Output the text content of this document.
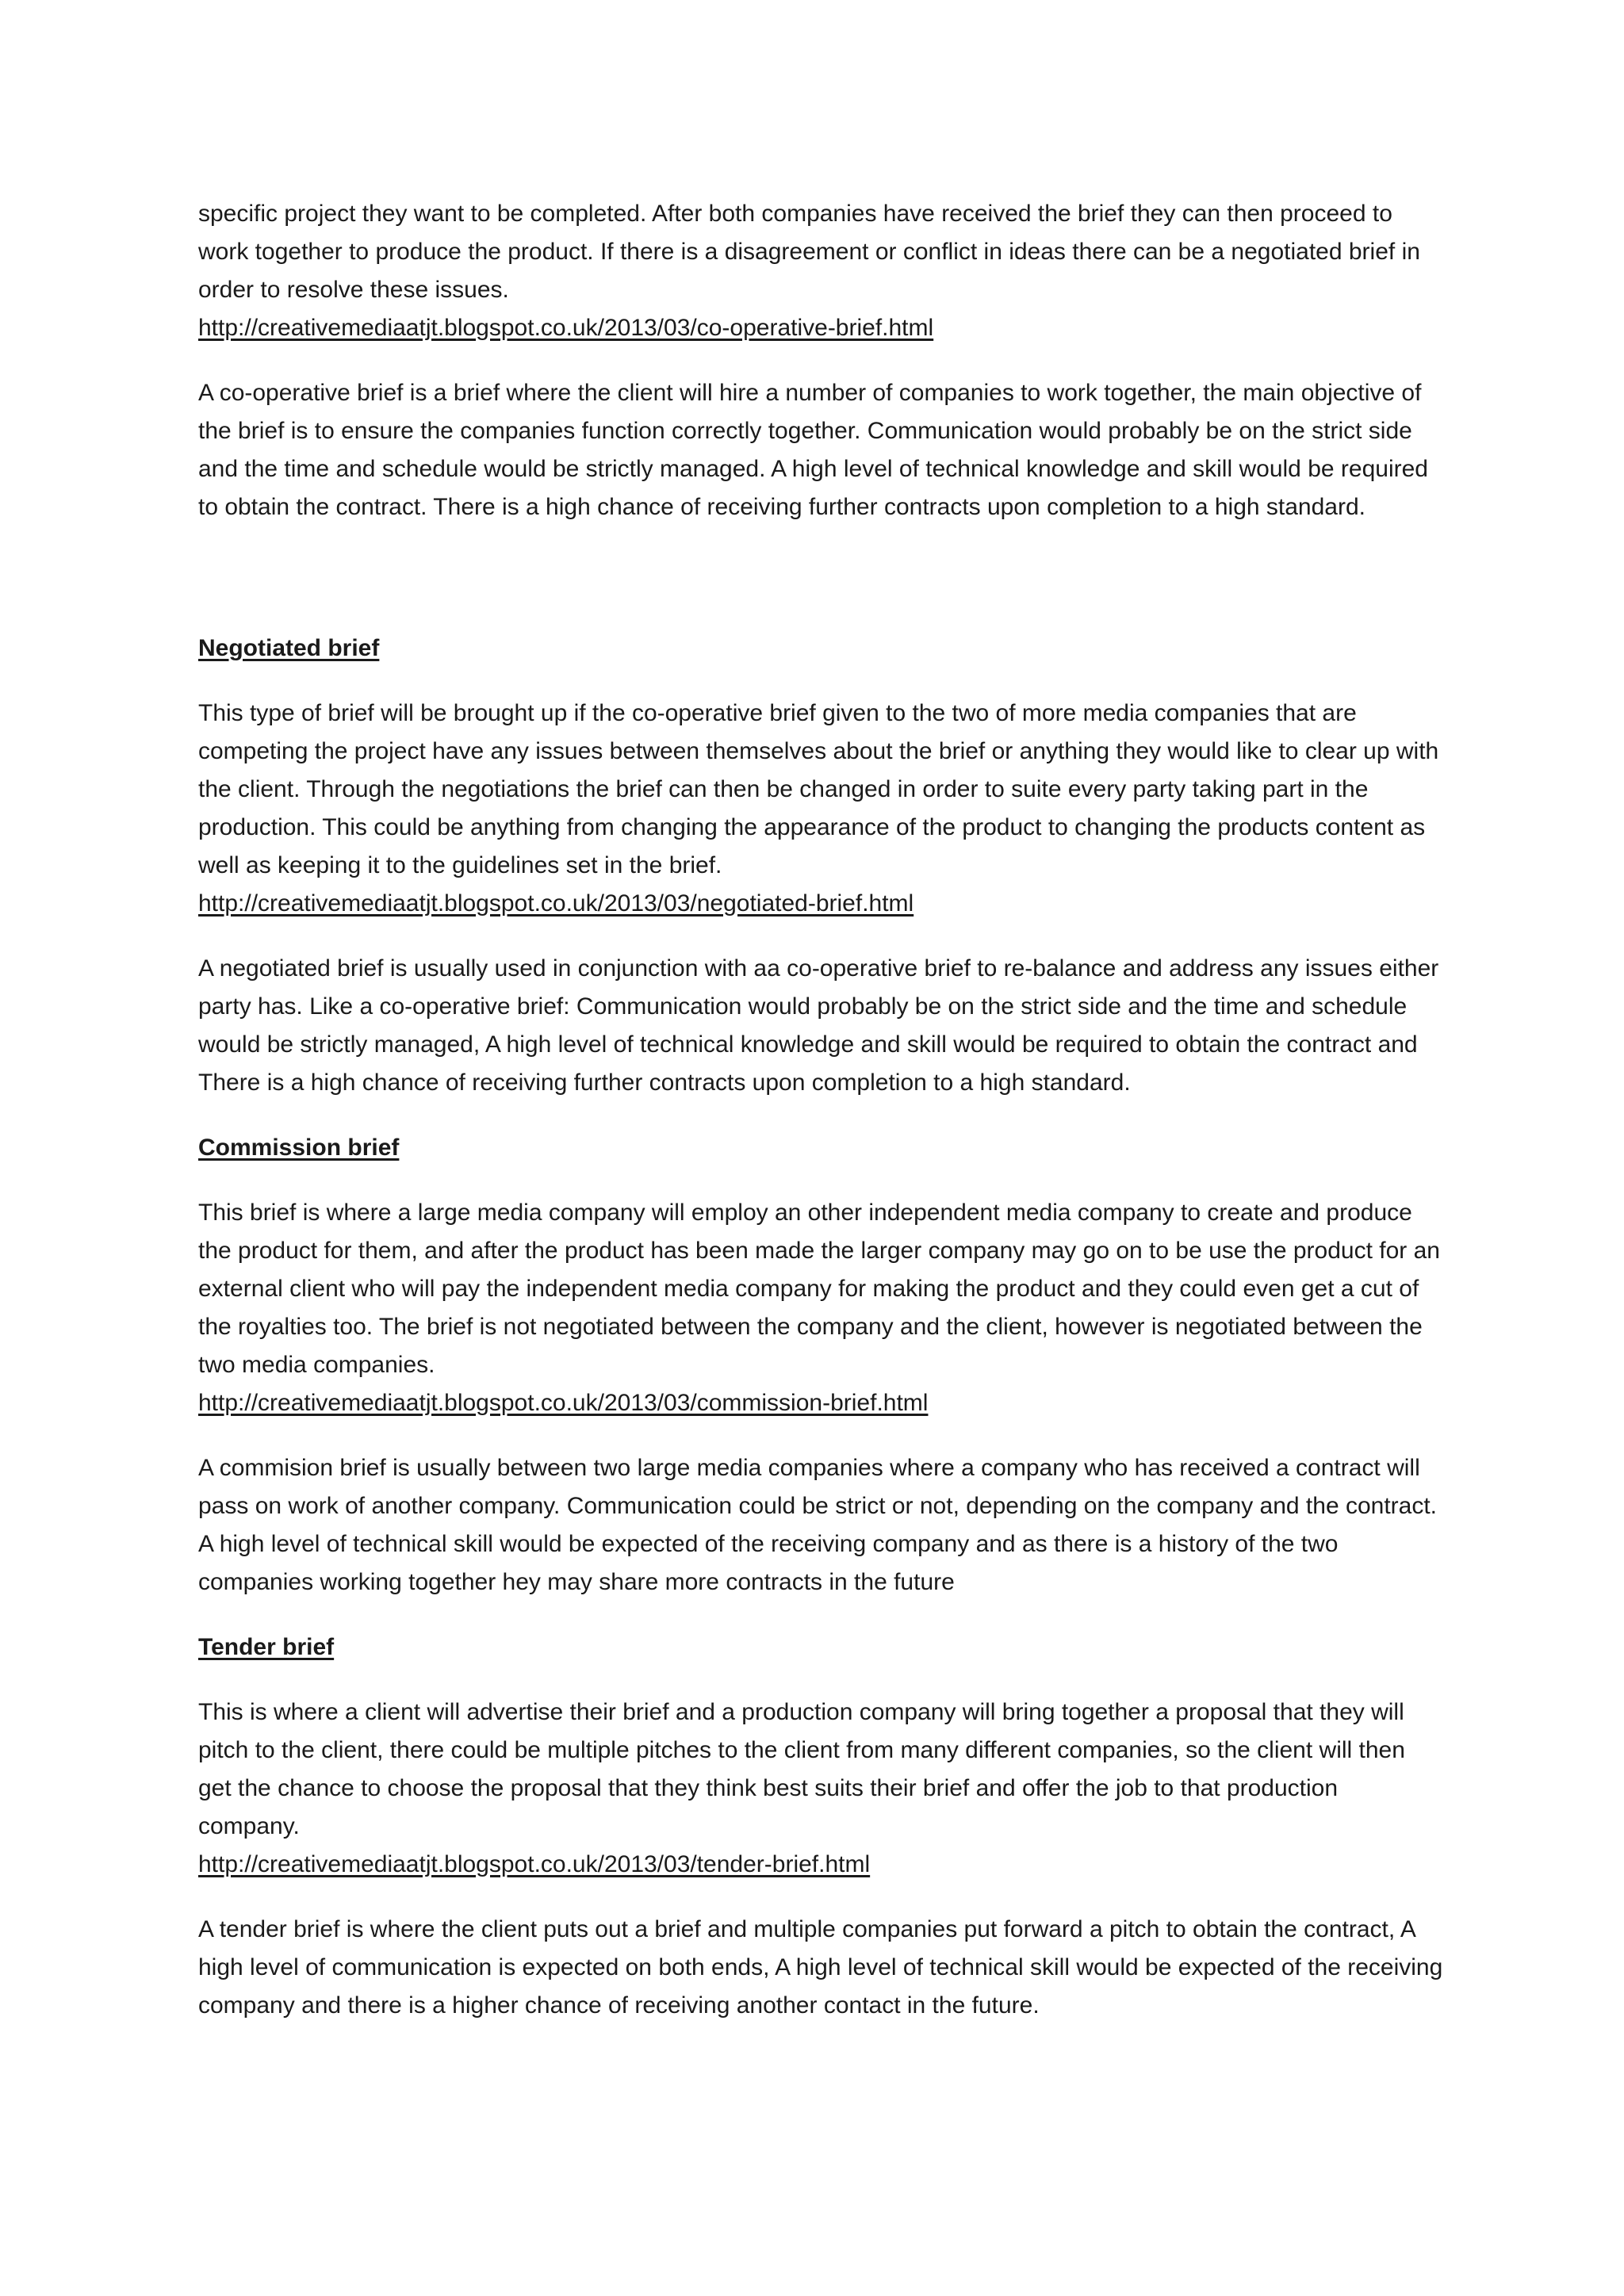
specific project they want to be completed. After both companies have received the brief they can then proceed to work together to produce the product. If there is a disagreement or conflict in ideas there can be a negotiated brief in order to resolve these issues.

http://creativemediaatjt.blogspot.co.uk/2013/03/co-operative-brief.html

A co-operative brief is a brief where the client will hire a number of companies to work together, the main objective of the brief is to ensure the companies function correctly together. Communication would probably be on the strict side and the time and schedule would be strictly managed. A high level of technical knowledge and skill would be required to obtain the contract. There is a high chance of receiving further contracts upon completion to a high standard.

Negotiated brief

This type of brief will be brought up if the co-operative brief given to the two of more media companies that are competing the project have any issues between themselves about the brief or anything they would like to clear up with the client. Through the negotiations the brief can then be changed in order to suite every party taking part in the production. This could be anything from changing the appearance of the product to changing the products content as well as keeping it to the guidelines set in the brief.

http://creativemediaatjt.blogspot.co.uk/2013/03/negotiated-brief.html

A negotiated brief is usually used in conjunction with aa co-operative brief to re-balance and address any issues either party has. Like a co-operative brief: Communication would probably be on the strict side and the time and schedule would be strictly managed, A high level of technical knowledge and skill would be required to obtain the contract and There is a high chance of receiving further contracts upon completion to a high standard.

Commission brief

This brief is where a large media company will employ an other independent media company to create and produce the product for them, and after the product has been made the larger company may go on to be use the product for an external client who will pay the independent media company for making the product and they could even get a cut of the royalties too. The brief is not negotiated between the company and the client, however is negotiated between the two media companies.

http://creativemediaatjt.blogspot.co.uk/2013/03/commission-brief.html

A commision brief is usually between two large media companies where a company who has received a contract will pass on work of another company. Communication could be strict or not, depending on the company and the contract. A high level of technical skill would be expected of the receiving company and as there is a history of the two companies working together hey may share more contracts in the future

Tender brief

This is where a client will advertise their brief and a production company will bring together a proposal that they will pitch to the client, there could be multiple pitches to the client from many different companies, so the client will then get the chance to choose the proposal that they think best suits their brief and offer the job to that production company.

http://creativemediaatjt.blogspot.co.uk/2013/03/tender-brief.html

A tender brief is where the client puts out a brief and multiple companies put forward a pitch to obtain the contract, A high level of communication is expected on both ends, A high level of technical skill would be expected of the receiving company and there is a higher chance of receiving another contact in the future.
